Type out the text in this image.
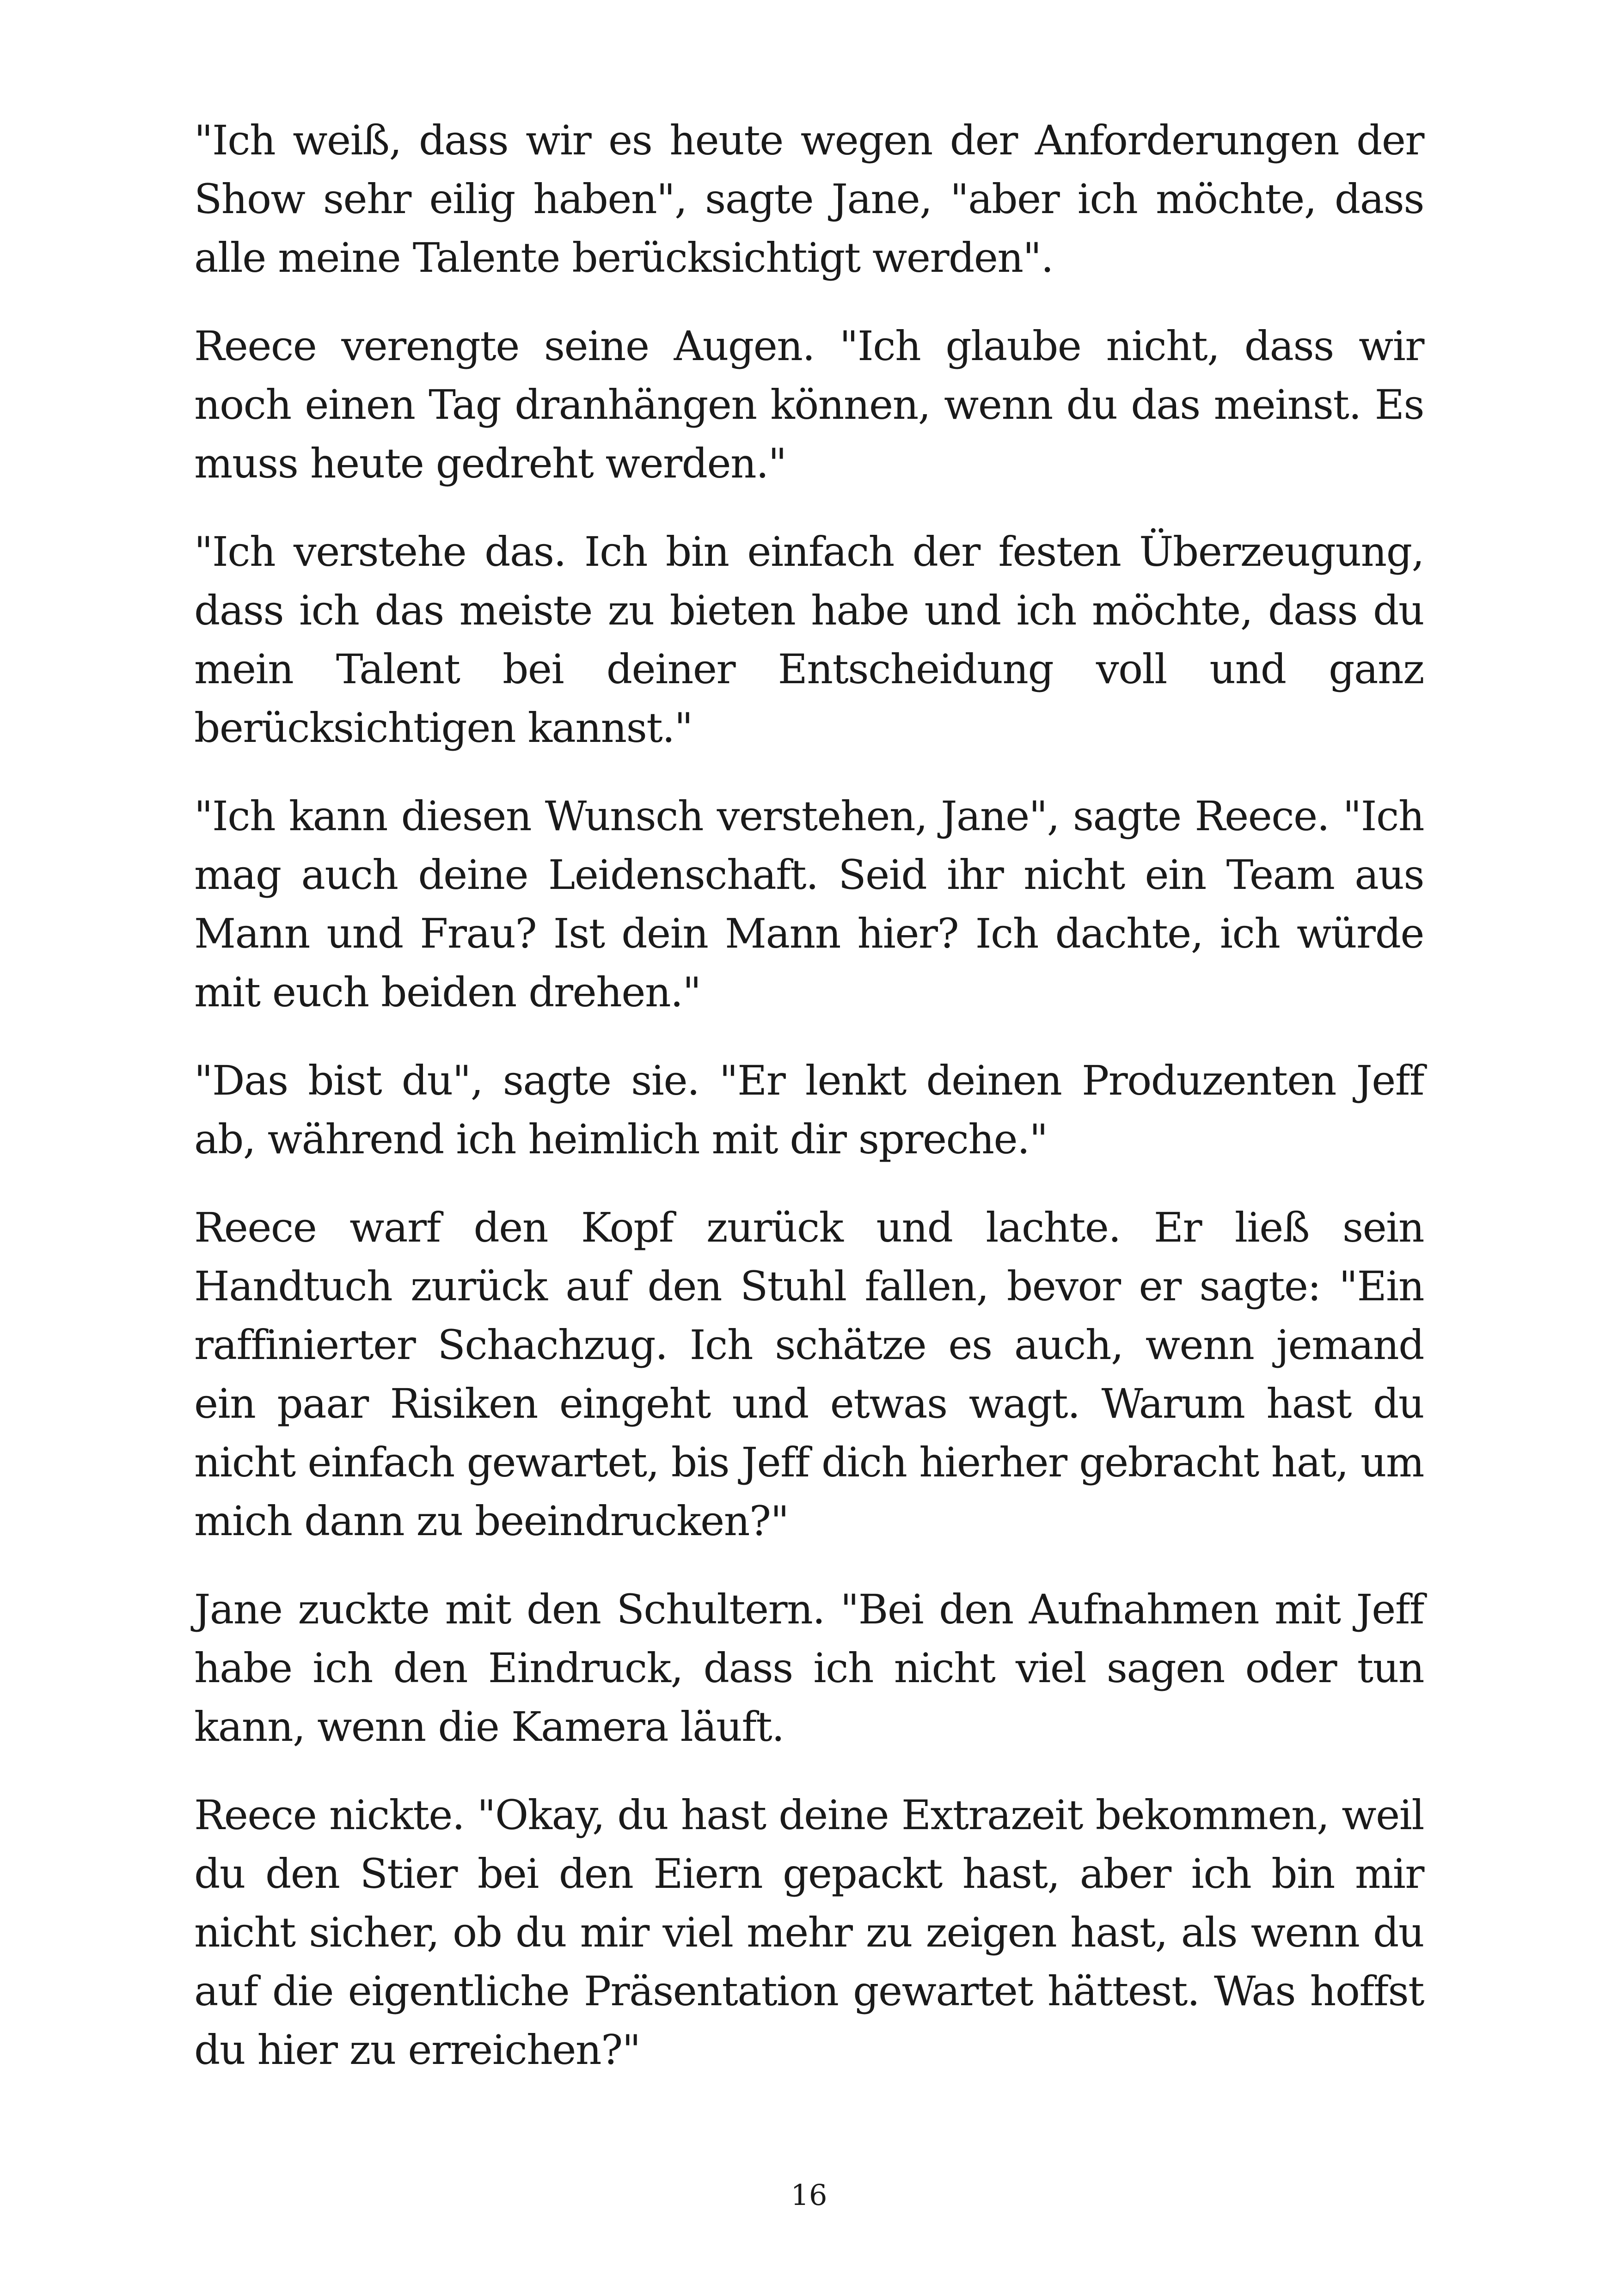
"Ich weiß, dass wir es heute wegen der Anforderungen der Show sehr eilig haben", sagte Jane, "aber ich möchte, dass alle meine Talente berücksichtigt werden".

Reece verengte seine Augen. "Ich glaube nicht, dass wir noch einen Tag dranhängen können, wenn du das meinst. Es muss heute gedreht werden."

"Ich verstehe das. Ich bin einfach der festen Überzeugung, dass ich das meiste zu bieten habe und ich möchte, dass du mein Talent bei deiner Entscheidung voll und ganz berücksichtigen kannst."

"Ich kann diesen Wunsch verstehen, Jane", sagte Reece. "Ich mag auch deine Leidenschaft. Seid ihr nicht ein Team aus Mann und Frau? Ist dein Mann hier? Ich dachte, ich würde mit euch beiden drehen."

"Das bist du", sagte sie. "Er lenkt deinen Produzenten Jeff ab, während ich heimlich mit dir spreche."

Reece warf den Kopf zurück und lachte. Er ließ sein Handtuch zurück auf den Stuhl fallen, bevor er sagte: "Ein raffinierter Schachzug. Ich schätze es auch, wenn jemand ein paar Risiken eingeht und etwas wagt. Warum hast du nicht einfach gewartet, bis Jeff dich hierher gebracht hat, um mich dann zu beeindrucken?"

Jane zuckte mit den Schultern. "Bei den Aufnahmen mit Jeff habe ich den Eindruck, dass ich nicht viel sagen oder tun kann, wenn die Kamera läuft.

Reece nickte. "Okay, du hast deine Extrazeit bekommen, weil du den Stier bei den Eiern gepackt hast, aber ich bin mir nicht sicher, ob du mir viel mehr zu zeigen hast, als wenn du auf die eigentliche Präsentation gewartet hättest. Was hoffst du hier zu erreichen?"

16
